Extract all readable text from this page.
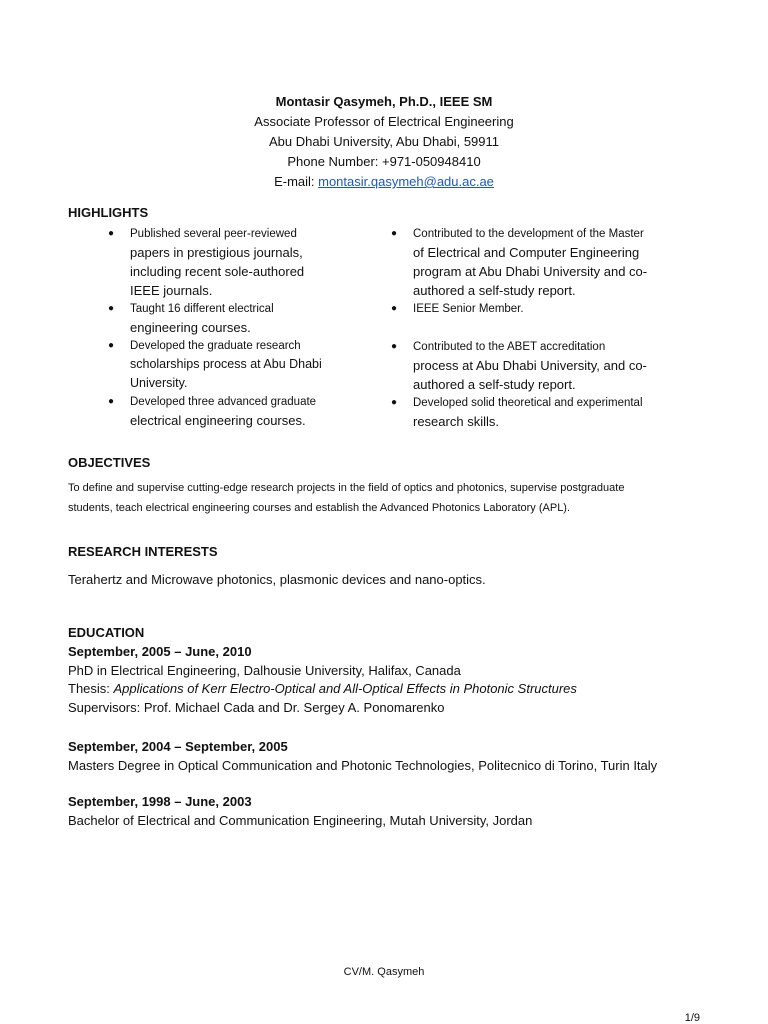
Montasir Qasymeh, Ph.D., IEEE SM
Associate Professor of Electrical Engineering
Abu Dhabi University, Abu Dhabi, 59911
Phone Number: +971-050948410
E-mail: montasir.qasymeh@adu.ac.ae
HIGHLIGHTS
● Published several peer-reviewed
papers in prestigious journals, including recent sole-authored IEEE journals.
● Taught 16 different electrical
engineering courses.
● Developed the graduate research
scholarships process at Abu Dhabi University.
● Developed three advanced graduate
electrical engineering courses.
● Contributed to the development of the Master
of Electrical and Computer Engineering program at Abu Dhabi University and co-authored a self-study report.
● IEEE Senior Member.
● Contributed to the ABET accreditation
process at Abu Dhabi University, and co-authored a self-study report.
● Developed solid theoretical and experimental
research skills.
OBJECTIVES
To define and supervise cutting-edge research projects in the field of optics and photonics, supervise postgraduate
students, teach electrical engineering courses and establish the Advanced Photonics Laboratory (APL).
RESEARCH INTERESTS
Terahertz and Microwave photonics, plasmonic devices and nano-optics.
EDUCATION
September, 2005 – June, 2010
PhD in Electrical Engineering, Dalhousie University, Halifax, Canada
Thesis: Applications of Kerr Electro-Optical and All-Optical Effects in Photonic Structures
Supervisors: Prof. Michael Cada and Dr. Sergey A. Ponomarenko
September, 2004 – September, 2005
Masters Degree in Optical Communication and Photonic Technologies, Politecnico di Torino, Turin Italy
September, 1998 – June, 2003
Bachelor of Electrical and Communication Engineering, Mutah University, Jordan
CV/M. Qasymeh
1/9
